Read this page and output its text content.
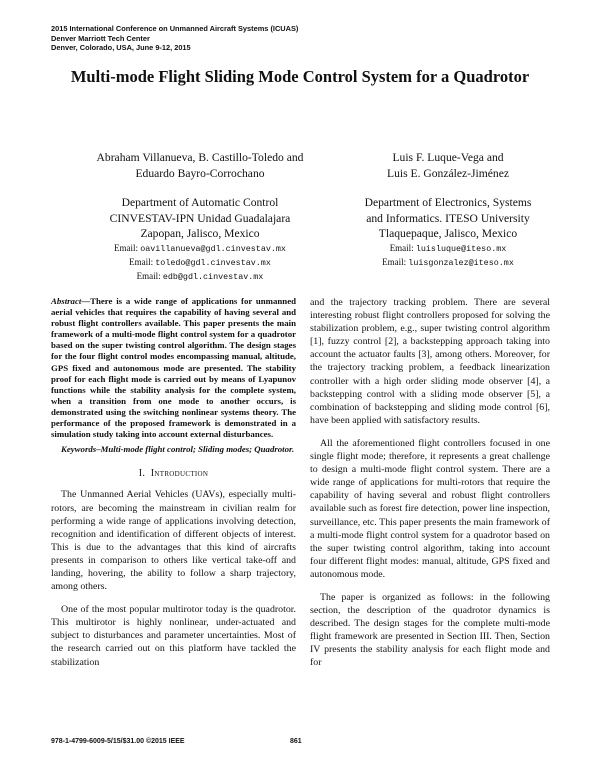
2015 International Conference on Unmanned Aircraft Systems (ICUAS)
Denver Marriott Tech Center
Denver, Colorado, USA, June 9-12, 2015
Multi-mode Flight Sliding Mode Control System for a Quadrotor
Abraham Villanueva, B. Castillo-Toledo and
Eduardo Bayro-Corrochano
Department of Automatic Control
CINVESTAV-IPN Unidad Guadalajara
Zapopan, Jalisco, Mexico
Email: oavillanueva@gdl.cinvestav.mx
Email: toledo@gdl.cinvestav.mx
Email: edb@gdl.cinvestav.mx
Luis F. Luque-Vega and
Luis E. González-Jiménez
Department of Electronics, Systems
and Informatics. ITESO University
Tlaquepaque, Jalisco, Mexico
Email: luisluque@iteso.mx
Email: luisgonzalez@iteso.mx

Abstract—There is a wide range of applications for unmanned aerial vehicles that requires the capability of having several and robust flight controllers available. This paper presents the main framework of a multi-mode flight control system for a quadrotor based on the super twisting control algorithm. The design stages for the four flight control modes encompassing manual, altitude, GPS fixed and autonomous mode are presented. The stability proof for each flight mode is carried out by means of Lyapunov functions while the stability analysis for the complete system, when a transition from one mode to another occurs, is demonstrated using the switching nonlinear systems theory. The performance of the proposed framework is demonstrated in a simulation study taking into account external disturbances.

Keywords–Multi-mode flight control; Sliding modes; Quadrotor.

I. Introduction

The Unmanned Aerial Vehicles (UAVs), especially multi-rotors, are becoming the mainstream in civilian realm for performing a wide range of applications involving detection, recognition and identification of different objects of interest. This is due to the advantages that this kind of aircrafts presents in comparison to others like vertical take-off and landing, hovering, the ability to follow a sharp trajectory, among others.

One of the most popular multirotor today is the quadrotor. This multirotor is highly nonlinear, under-actuated and subject to disturbances and parameter uncertainties. Most of the research carried out on this platform have tackled the stabilization

and the trajectory tracking problem. There are several interesting robust flight controllers proposed for solving the stabilization problem, e.g., super twisting control algorithm [1], fuzzy control [2], a backstepping approach taking into account the actuator faults [3], among others. Moreover, for the trajectory tracking problem, a feedback linearization controller with a high order sliding mode observer [4], a backstepping control with a sliding mode observer [5], a combination of backstepping and sliding mode control [6], have been applied with satisfactory results.

All the aforementioned flight controllers focused in one single flight mode; therefore, it represents a great challenge to design a multi-mode flight control system. There are a wide range of applications for multi-rotors that require the capability of having several and robust flight controllers available such as forest fire detection, power line inspection, surveillance, etc. This paper presents the main framework of a multi-mode flight control system for a quadrotor based on the super twisting control algorithm, taking into account four different flight modes: manual, altitude, GPS fixed and autonomous mode.

The paper is organized as follows: in the following section, the description of the quadrotor dynamics is described. The design stages for the complete multi-mode flight framework are presented in Section III. Then, Section IV presents the stability analysis for each flight mode and for

978-1-4799-6009-5/15/$31.00 ©2015 IEEE	861
